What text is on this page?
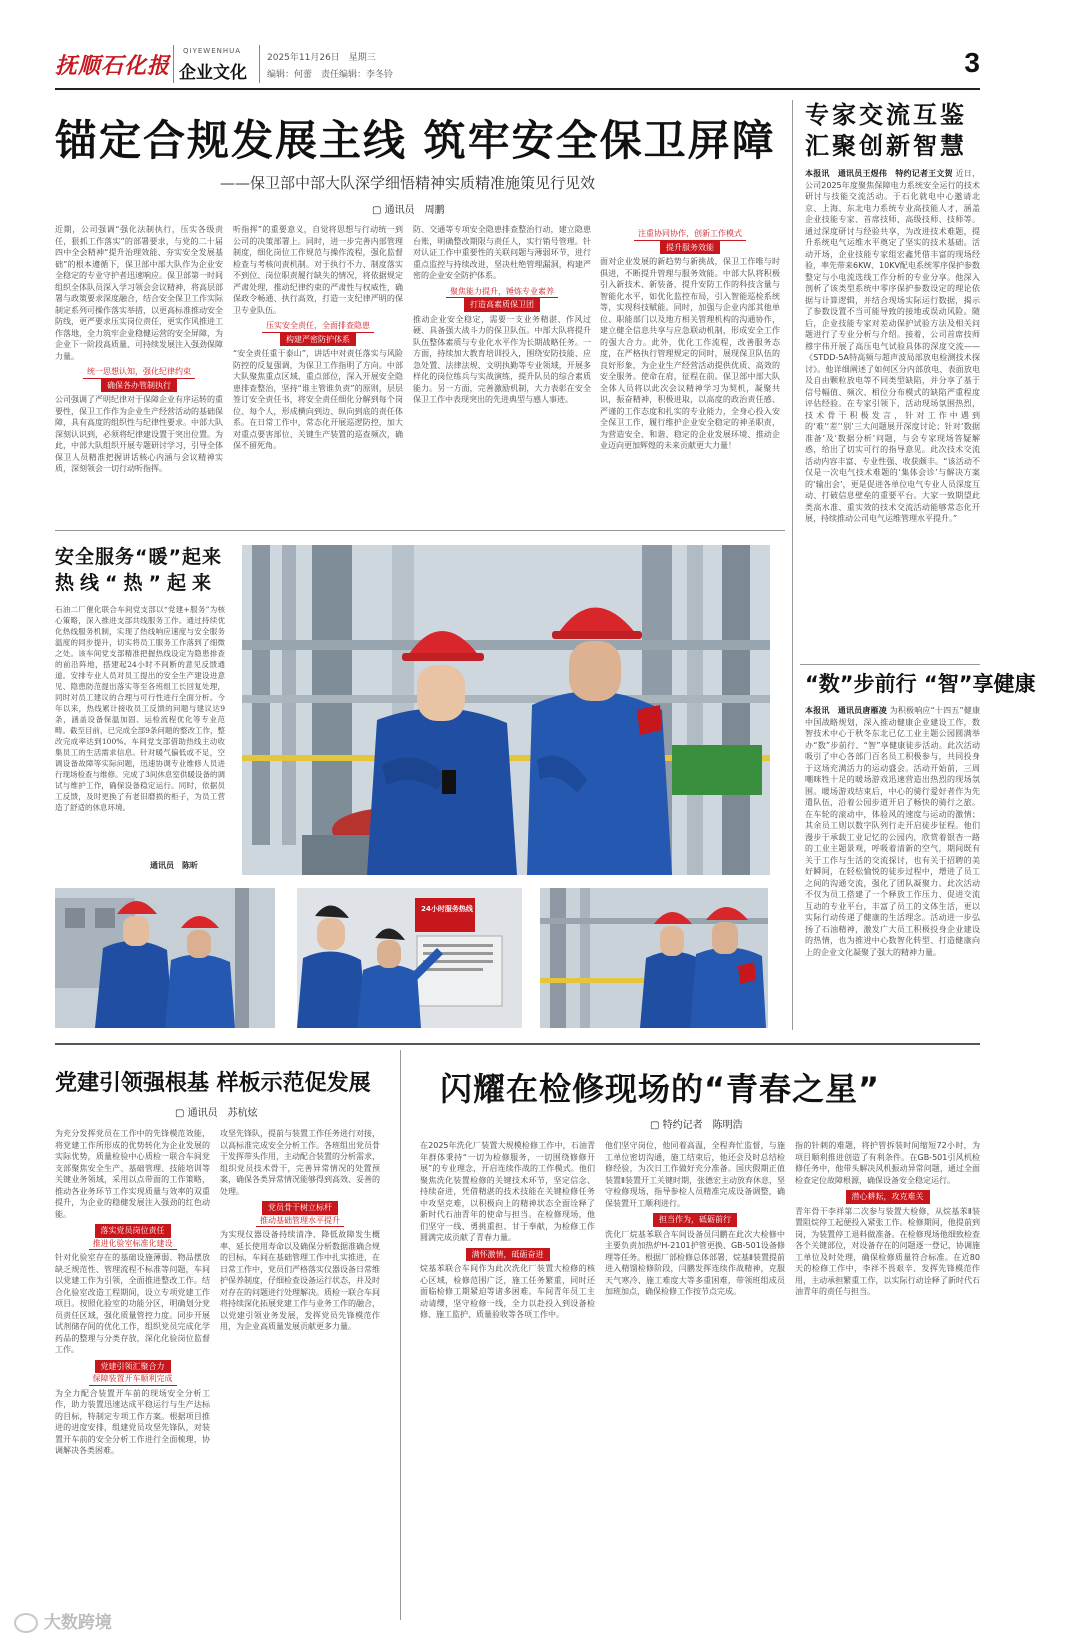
抚顺石化报
QIYEWENHUA
企业文化
2025年11月26日 星期三
编辑：何蕾　责任编辑：李冬铃	3
锚定合规发展主线 筑牢安全保卫屏障
——保卫部中部大队深学细悟精神实质精准施策见行见效
▢ 通讯员　周鹏
近期，公司强调“强化法制执行，压实各级责任，狠抓工作落实”的部署要求，与党的二十届四中全会精神“提升治理效能、夯实安全发展基础”的根本遵循下，保卫部中部大队作为企业安全稳定的专业守护者迅速响应。保卫部第一时间组织全体队员深入学习领会会议精神，将高层部署与政策要求深度融合，结合安全保卫工作实际制定系列可操作落实举措，以更高标准推动安全防线，更严要求压实岗位责任，更实作风推进工作落地，全力筑牢企业稳健运营的安全屏障，为企业下一阶段高质量、可持续发展注入强劲保障力量。
统一思想认知，强化纪律约束
确保各办管制执行
公司强调了严明纪律对于保障企业有序运转的重要性，保卫工作作为企业生产经营活动的基础保障，具有高度的组织性与纪律性要求。中部大队深刻认识到，必须将纪律建设置于突出位置。为此，中部大队组织开展专题研讨学习，引导全体保卫人员精准把握讲话核心内涵与会议精神实质，深刻领会一切行动听指挥。
听指挥”的重要意义，自觉将思想与行动统一到公司的决策部署上。同时，进一步完善内部管理制度，细化岗位工作规范与操作流程，强化监督检查与考核问责机制。对于执行不力、制度落实不到位、岗位职责履行缺失的情况，将依据规定严肃处理，推动纪律约束的严肃性与权威性，确保政令畅通、执行高效，打造一支纪律严明的保卫专业队伍。
压实安全责任，全面排查隐患
构建严密防护体系
“安全责任重于泰山”，讲话中对责任落实与风险防控的反复强调，为保卫工作指明了方向。中部大队聚焦重点区域、重点部位，深入开展安全隐患排查整治，坚持“谁主管谁负责”的原则，层层签订安全责任书，将安全责任细化分解到每个岗位、每个人，形成横向到边、纵向到底的责任体系。在日常工作中，常态化开展巡逻防控，加大对重点要害部位、关键生产装置的巡查频次，确保不留死角。
防、交通等专项安全隐患排查整治行动，建立隐患台账，明确整改期限与责任人，实行销号管理。针对认证工作中重要性的关联问题与薄弱环节，进行重点监控与持续改进，坚决杜绝管理漏洞，构建严密的企业安全防护体系。
聚焦能力提升，锤炼专业素养
打造高素质保卫团
推动企业安全稳定，需要一支业务精湛、作风过硬、具备强大战斗力的保卫队伍。中部大队将提升队伍整体素质与专业化水平作为长期战略任务。一方面，持续加大教育培训投入，围绕安防技能、应急处置、法律法规、文明执勤等专业领域，开展多样化的岗位练兵与实战演练，提升队员的综合素质能力。另一方面，完善激励机制，大力表彰在安全保卫工作中表现突出的先进典型与感人事迹。
注重协同协作，创新工作模式
提升服务效能
面对企业发展的新趋势与新挑战，保卫工作唯与时俱进，不断提升管理与服务效能。中部大队将积极引入新技术、新装备，提升安防工作的科技含量与智能化水平，如优化监控布局，引入智能巡检系统等，实现科技赋能。同时，加强与企业内部其他单位、职能部门以及地方相关管理机构的沟通协作，建立健全信息共享与应急联动机制，形成安全工作的强大合力。此外，优化工作流程，改善服务态度，在严格执行管理规定的同时，展现保卫队伍的良好形象，为企业生产经营活动提供优质、高效的安全服务。使命在肩，征程在前。保卫部中部大队全体人员将以此次会议精神学习为契机，凝聚共识，振奋精神，积极进取，以高度的政治责任感、严谨的工作态度和扎实的专业能力，全身心投入安全保卫工作，履行维护企业安全稳定的神圣职责，为营造安全、和谐、稳定的企业发展环境、推动企业迈向更加辉煌的未来贡献更大力量！
专家交流互鉴
汇聚创新智慧
本报讯　通讯员王煜伟　特约记者王文贺 近日，公司2025年度聚焦保障电力系统安全运行的技术研讨与技能交流活动。于石化就电中心邀请北京、上海、东北电力系统专业高技能人才，涵盖企业技能专家、首席技师、高级技师、技师等。通过深度研讨与经验共享，为改进技术难题，提升系统电气运维水平奠定了坚实的技术基础。活动开场，企业技能专家组宏鑫凭借丰富的现场经验，率先带来6KW、10KV配电系统零序保护参数整定与小电流选线工作分析的专业分享。他深入剖析了该类型系统中零序保护参数设定的理论依据与计算逻辑，并结合现场实际运行数据，揭示了参数设置不当可能导致的接地或误动风险。随后，企业技能专家对差动保护试验方法及相关问题进行了专业分析与介绍。接着，公司首席技师穆宇伟开展了高压电气试验具体的深度交流——《STDD-5A特高频与超声波局部放电检测技术探讨》。他详细阐述了如何区分内部放电、表面放电及自由颗粒放电等不同类型缺陷，并分享了基于信号幅值、频次、相位分布模式的缺陷严重程度评估经验。在专家引领下，活动现场氛围热烈，技术骨干积极发言，针对工作中遇到的‘难’‘差’‘别’三大问题展开深度讨论；针对‘数据准备’及‘数据分析’问题，与会专家现场答疑解惑，给出了切实可行的指导意见。此次技术交流活动内容丰富、专业性强、收获颇丰。“该活动不仅是一次电气技术难题的‘集体会诊’与解决方案的‘输出会’，更是促进各单位电气专业人员深度互动、打破信息壁垒的重要平台。大家一致期望此类高水准、重实效的技术交流活动能够常态化开展，持续推动公司电气运维管理水平提升。”
“数”步前行 “智”享健康
本报讯　通讯员唐雁凌 为积极响应“十四五”健康中国战略规划，深入推动健康企业建设工作，数智技术中心于秋冬东北已亿工业主题公园圆满举办“数”步前行、“智”享健康徒步活动。此次活动吸引了中心各部门百名员工积极参与，共同投身于这场充满活力的运动盛会。活动开始前，三周嘲咪牲十足的暖场游戏迅速营造出热烈的现场氛围。暖场游戏结束后，中心的骑行爱好者作为先遣队伍，沿着公园步道开启了畅快的骑行之旅。在车轮的滚动中，体验风的速度与运动的激情；其余员工则以数字队列行走开启徒步征程。他们漫步于承载工业记忆的公园内，欣赏着银杏一路的工业主题景观，呼吸着清新的空气，期间既有关于工作与生活的交流探讨，也有关于招聘的美好瞬间，在轻松愉悦的徒步过程中，增进了员工之间的沟通交流，强化了团队凝聚力。此次活动不仅为员工搭建了一个释放工作压力、促进交流互动的专业平台，丰富了员工的文体生活，更以实际行动传递了健康的生活理念。活动进一步弘扬了石油精神，激发广大员工积极投身企业建设的热情，也为推进中心数智化转型、打造健康向上的企业文化凝聚了强大的精神力量。
安全服务“暖”起来
热线“热”起来
石油二厂催化联合车间党支部以“党建+服务”为核心策略，深入推进支部共线服务工作。通过持续优化热线服务机制，实现了热线响应速度与安全服务温度的同步提升，切实将员工服务工作落到了细微之处。该车间党支部精准把握热线设定为隐患排查的前沿阵地，搭建起24小时不间断的意见反馈通道。安排专业人员对员工提出的安全生产建设进意见、隐患防范提出落实等至各班组工长回复处理，同时对员工建议的合理与可行性进行全面分析。今年以来，热线累计接收员工反馈的问题与建议达9条，涵盖设备保温加固、运检流程优化等专业范畴。截至目前，已完成全部9条问题的整改工作，整改完成率达到100%。车间党支部借助热线主动收集员工的生活需求信息。针对暖气偏低或不足，空调设备故障等实际问题，迅速协调专业维修人员进行现场检查与维修。完成了3间休息室供暖设备的调试与维护工作，确保设备稳定运行。同时，依据员工反馈，及时更换了有老旧磨损的柜子，为员工营造了舒适的休息环境。
通讯员　陈昕
24小时服务热线
党建引领强根基 样板示范促发展
▢ 通讯员　苏杭炫
为充分发挥党员在工作中的先锋模范效能，将党建工作所形成的优势转化为企业发展的实际优势，质量检验中心质检一联合车间党支部聚焦安全生产、基础管理、技能培训等关键业务领域，采用以点带面的工作策略，推动各业务环节工作实现质量与效率的双重提升，为企业的稳健发展注入强劲的红色动能。
落实党员岗位责任
推进化验室标准化建设
针对化验室存在的基础设施薄弱、物品摆放缺乏规范性、管理流程不标准等问题，车间以党建工作为引领，全面推进整改工作。结合化验室改造工程期间，设立专项党建工作项目。按照化验室的功能分区，明确划分党员责任区域，强化质量管控力度。同步开展试剂储存间的优化工作，组织党员完成化学药品的整理与分类存放，深化化验岗位监督工作。
党建引领汇聚合力
保障装置开车顺利完成
为全力配合装置开车前的现场安全分析工作，助力装置迅速达成平稳运行与生产达标的目标，特制定专项工作方案。根据项目推进的进度安排，组建党员攻坚先锋队，对装置开车前的安全分析工作进行全面梳理，协调解决各类困难。
攻坚先锋队，提前与装置工作任务进行对接，以高标准完成安全分析工作。各班组出党员骨干发挥带头作用，主动配合装置的分析需求，组织党员技术骨干，完善异常情况的处置预案，确保各类异常情况能够得到高效、妥善的处理。
党员骨干树立标杆
推动基础管理水平提升
为实现仪器设备持续清净、降低故障发生概率、延长使用寿命以及确保分析数据准确合规的目标，车间在基础管理工作中扎实推进，在日常工作中，党员们严格落实仪器设备日常维护保养制度，仔细检查设备运行状态，并及时对存在的问题进行处理解决。质检一联合车间将持续深化拓展党建工作与业务工作的融合，以党建引领业务发展，发挥党员先锋模范作用，为企业高质量发展贡献更多力量。
闪耀在检修现场的“青春之星”
▢ 特约记者　陈明浩
在2025年洗化厂装置大规模检修工作中，石油青年群体秉持“一切为检修服务，一切围绕修修开展”的专业理念，开启连续作战的工作模式。他们聚焦洗化装置检修的关键技术环节，坚定信念、持续奋进，凭借精湛的技术技能在关键检修任务中攻坚克难，以积极向上的精神状态全面诠释了新时代石油青年的使命与担当。在检修现场，他们坚守一线、勇挑重担、甘于奉献，为检修工作圆满完成贡献了青春力量。
满怀激情，砥砺奋进
烷基苯联合车间作为此次洗化厂装置大检修的核心区域，检修范围广泛，施工任务繁重，同时还面临检修工期紧迫等诸多困难。车间青年员工主动请缨，坚守检修一线，全力以赴投入到设备检修、施工监护、质量验收等各项工作中。
他们坚守岗位，他同着高温，全程奔忙监督，与施工单位密切沟通，施工结束后，他还会及时总结检修经验，为次日工作做好充分准备。国庆假期正值装置Ⅱ装置开工关键时期，张德宏主动放弃休息，坚守检修现场，指导参检人员精准完成设备调整，确保装置开工顺利进行。
担当作为，砥砺前行
洗化厂烷基苯联合车间设备员闫鹏在此次大检修中主要负责加热炉H-2101护管更换、GB-501设备修理等任务。根据厂部检修总体部署，烷基Ⅱ装置提前进入精馏检修阶段，闫鹏发挥连续作战精神，克服天气寒冷、施工难度大等多重困难，带领班组成员加班加点，确保检修工作按节点完成。
指的针刺的难题，将护管拆装时间缩短72小时，为项目顺利推进创造了有利条件。在GB-501引风机检修任务中，他带头解决风机振动异常问题，通过全面检查定位故障根源，确保设备安全稳定运行。
潜心耕耘，攻克难关
青年骨干李祥第二次参与装置大检修，从烷基苯Ⅱ装置阻烷停工起便投入紧张工作。检修期间，他提前到岗，为装置停工退料做准备。在检修现场他细致检查各个关键部位，对设备存在的问题逐一登记，协调施工单位及时处理，确保检修质量符合标准。在近80天的检修工作中，李祥不畏艰辛、发挥先锋模范作用，主动承担繁重工作，以实际行动诠释了新时代石油青年的责任与担当。
大数跨境
